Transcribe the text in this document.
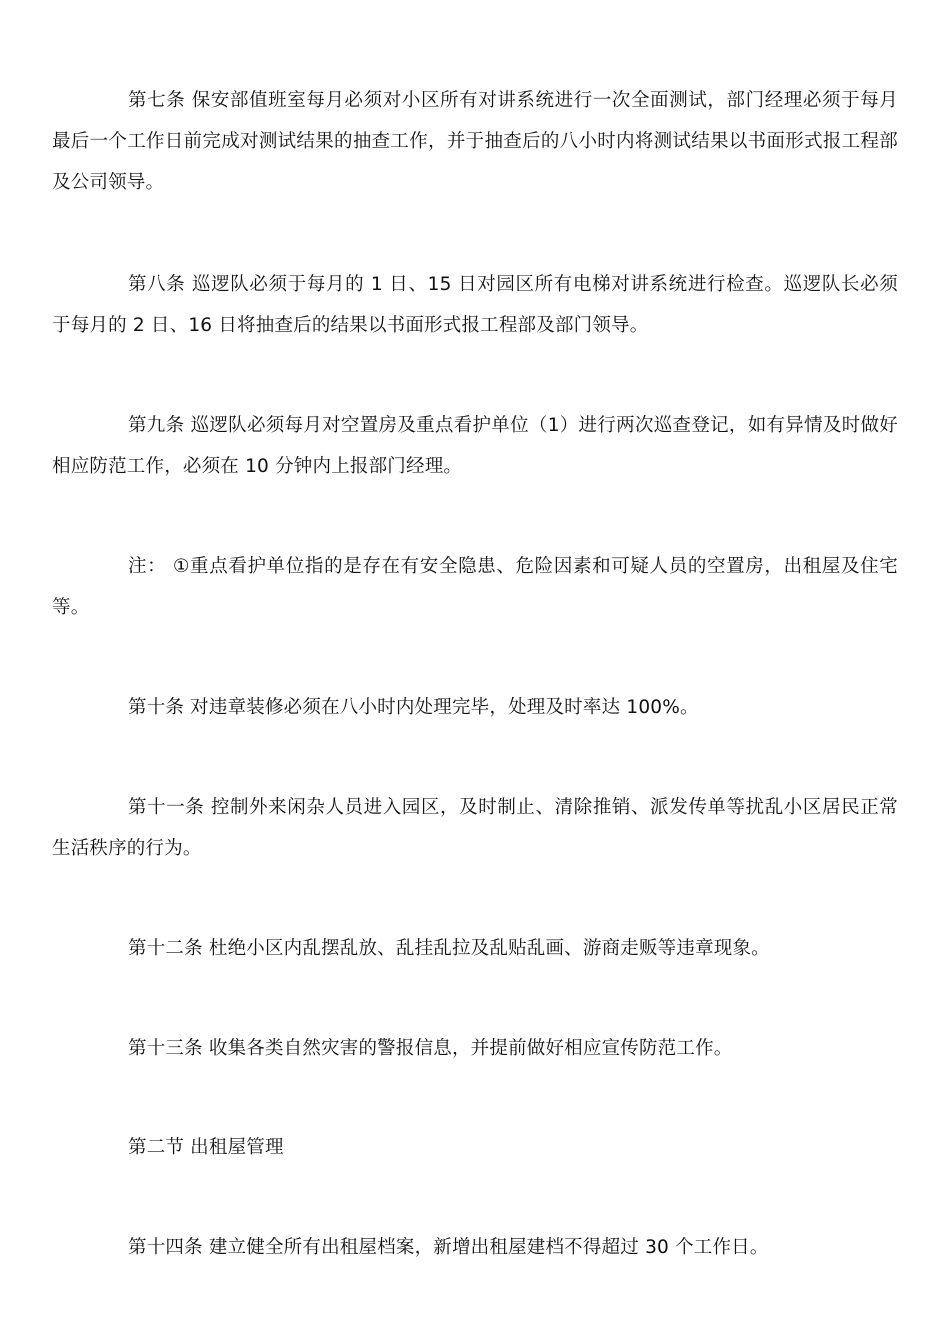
第七条 保安部值班室每月必须对小区所有对讲系统进行一次全面测试，部门经理必须于每月最后一个工作日前完成对测试结果的抽查工作，并于抽查后的八小时内将测试结果以书面形式报工程部及公司领导。

第八条 巡逻队必须于每月的 1 日、15 日对园区所有电梯对讲系统进行检查。巡逻队长必须于每月的 2 日、16 日将抽查后的结果以书面形式报工程部及部门领导。

第九条 巡逻队必须每月对空置房及重点看护单位（1）进行两次巡查登记，如有异情及时做好相应防范工作，必须在 10 分钟内上报部门经理。

注： ①重点看护单位指的是存在有安全隐患、危险因素和可疑人员的空置房，出租屋及住宅等。

第十条 对违章装修必须在八小时内处理完毕，处理及时率达 100%。

第十一条 控制外来闲杂人员进入园区，及时制止、清除推销、派发传单等扰乱小区居民正常生活秩序的行为。

第十二条 杜绝小区内乱摆乱放、乱挂乱拉及乱贴乱画、游商走贩等违章现象。

第十三条 收集各类自然灾害的警报信息，并提前做好相应宣传防范工作。

第二节 出租屋管理

第十四条 建立健全所有出租屋档案，新增出租屋建档不得超过 30 个工作日。
